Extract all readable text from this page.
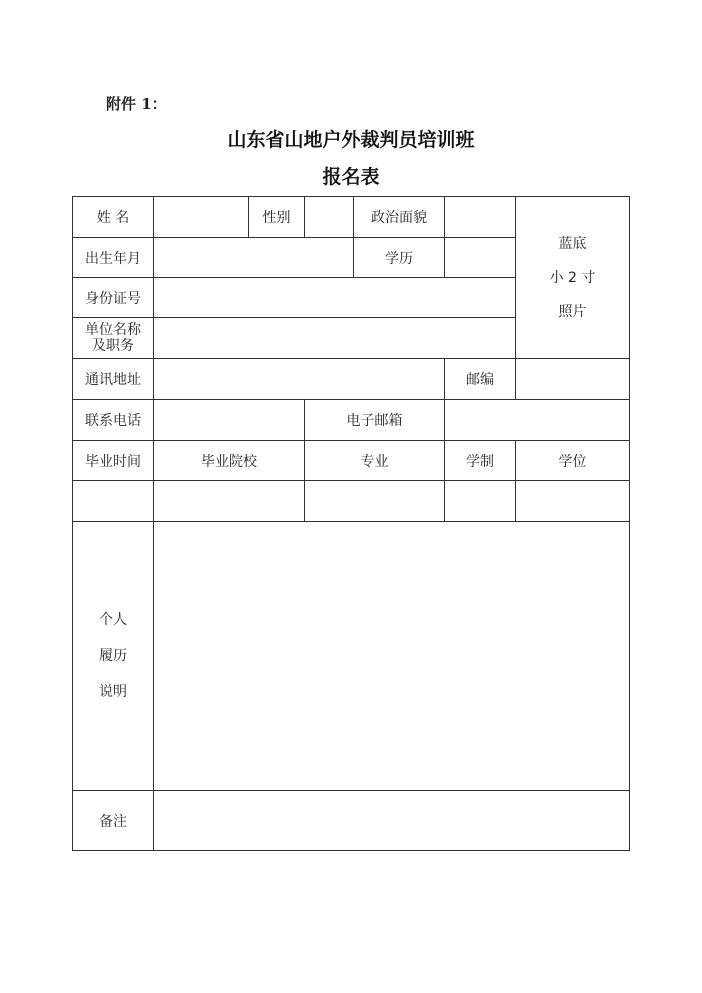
附件 1：
山东省山地户外裁判员培训班
报名表
姓 名		性别		政治面貌		蓝底
小 2 寸
照片

出生年月				学历		
身份证号						

单位名称
及职务						

通讯地址					邮编	
联系电话			电子邮箱			
毕业时间	毕业院校		专业		学制	学位

个人
履历
说明						

备注						
